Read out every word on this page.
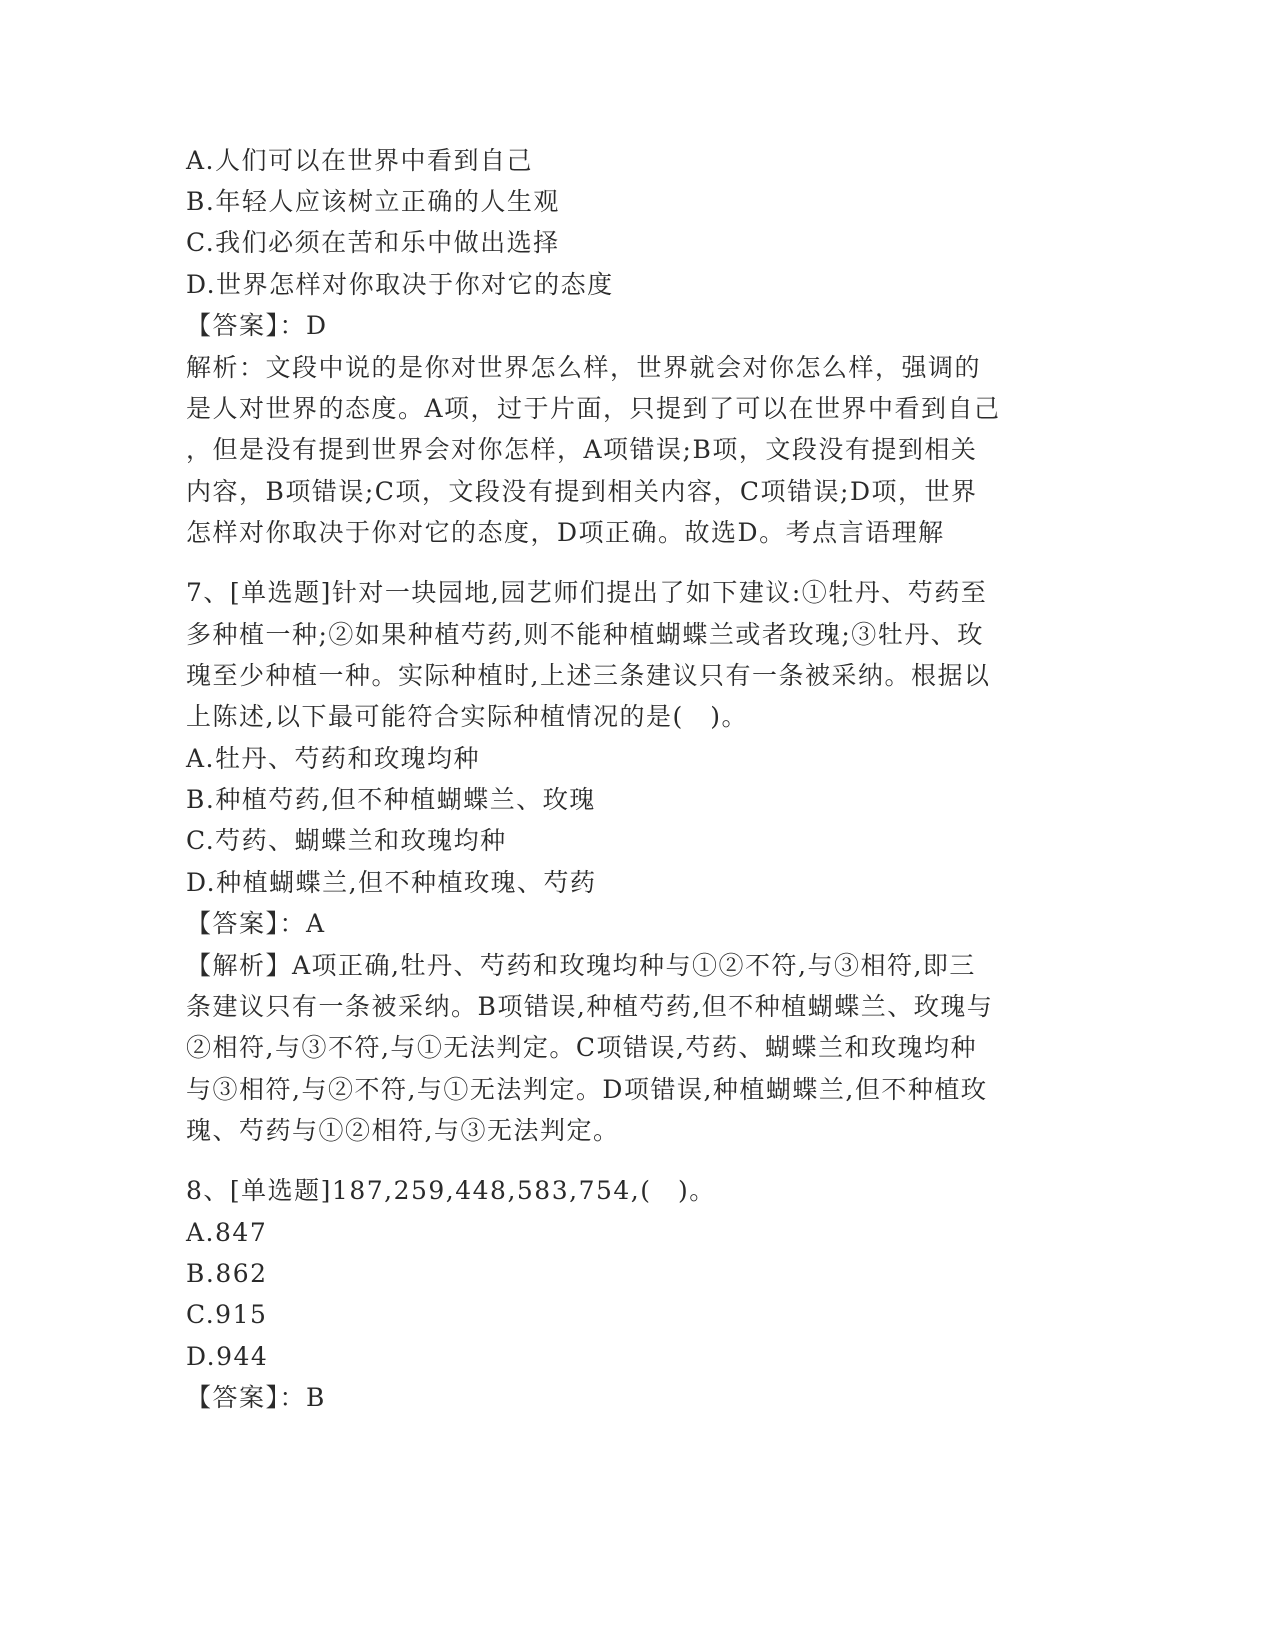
A.人们可以在世界中看到自己
B.年轻人应该树立正确的人生观
C.我们必须在苦和乐中做出选择
D.世界怎样对你取决于你对它的态度
【答案】：D
解析：文段中说的是你对世界怎么样，世界就会对你怎么样，强调的
是人对世界的态度。A项，过于片面，只提到了可以在世界中看到自己
，但是没有提到世界会对你怎样，A项错误;B项，文段没有提到相关
内容，B项错误;C项，文段没有提到相关内容，C项错误;D项，世界
怎样对你取决于你对它的态度，D项正确。故选D。考点言语理解
7、[单选题]针对一块园地,园艺师们提出了如下建议:①牡丹、芍药至
多种植一种;②如果种植芍药,则不能种植蝴蝶兰或者玫瑰;③牡丹、玫
瑰至少种植一种。实际种植时,上述三条建议只有一条被采纳。根据以
上陈述,以下最可能符合实际种植情况的是(　)。
A.牡丹、芍药和玫瑰均种
B.种植芍药,但不种植蝴蝶兰、玫瑰
C.芍药、蝴蝶兰和玫瑰均种
D.种植蝴蝶兰,但不种植玫瑰、芍药
【答案】：A
【解析】A项正确,牡丹、芍药和玫瑰均种与①②不符,与③相符,即三
条建议只有一条被采纳。B项错误,种植芍药,但不种植蝴蝶兰、玫瑰与
②相符,与③不符,与①无法判定。C项错误,芍药、蝴蝶兰和玫瑰均种
与③相符,与②不符,与①无法判定。D项错误,种植蝴蝶兰,但不种植玫
瑰、芍药与①②相符,与③无法判定。
8、[单选题]187,259,448,583,754,(　)。
A.847
B.862
C.915
D.944
【答案】：B
